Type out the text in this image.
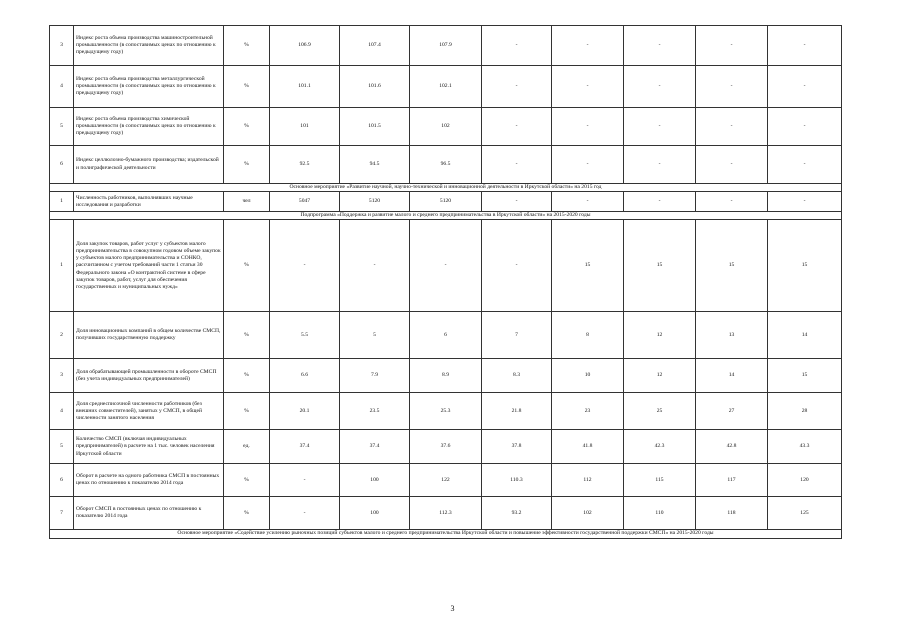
3	Индекс роста объема производства машиностроительной промышленности (в сопоставимых ценах по отношению к предыдущему году)	%	106.9	107.4	107.9	-	-	-	-	-
4	Индекс роста объема производства металлургической промышленности (в сопоставимых ценах по отношению к предыдущему году)	%	101.1	101.6	102.1	-	-	-	-	-
5	Индекс роста объема производства химической промышленности (в сопоставимых ценах по отношению к предыдущему году)	%	101	101.5	102	-	-	-	-	-
6	Индекс целлюлозно-бумажного производства; издательской и полиграфической деятельности	%	92.5	94.5	96.5	-	-	-	-	-
Основное мероприятие «Развитие научной, научно-технической и инновационной деятельности в Иркутской области» на 2015 год										
1	Численность работников, выполнявших научные исследования и разработки	чел	5047	5120	5120	-	-	-	-	-
Подпрограмма «Поддержка и развитие малого и среднего предпринимательства в Иркутской области» на 2015-2020 годы										
1	Доля закупок товаров, работ услуг у субъектов малого предпринимательства в совокупном годовом объеме закупок у субъектов малого предпринимательства и СОНКО, рассчитанном с учетом требований части 1 статьи 30 Федерального закона «О контрактной системе в сфере закупок товаров, работ, услуг для обеспечения государственных и муниципальных нужд»	%	-	-	-	-	15	15	15	15
2	Доля инновационных компаний в общем количестве СМСП, получивших государственную поддержку	%	5.5	5	6	7	8	12	13	14
3	Доля обрабатывающей промышленности в обороте СМСП (без учета индивидуальных предпринимателей)	%	6.6	7.9	8.9	8.3	10	12	14	15
4	Доля среднесписочной численности работников (без внешних совместителей), занятых у СМСП, в общей численности занятого населения	%	20.1	23.5	25.3	21.8	23	25	27	28
5	Количество СМСП (включая индивидуальных предпринимателей) в расчете на 1 тыс. человек населения Иркутской области	ед.	37.4	37.4	37.6	37.8	41.8	42.3	42.8	43.3
6	Оборот в расчете на одного работника СМСП в постоянных ценах по отношению к показателю 2014 года	%	-	100	122	110.3	112	115	117	120
7	Оборот СМСП в постоянных ценах по отношению к показателю 2014 года	%	-	100	112.3	93.2	102	110	118	125
Основное мероприятие «Содействие усилению рыночных позиций субъектов малого и среднего предпринимательства Иркутской области и повышение эффективности государственной поддержки СМСП» на 2015-2020 годы										
3
